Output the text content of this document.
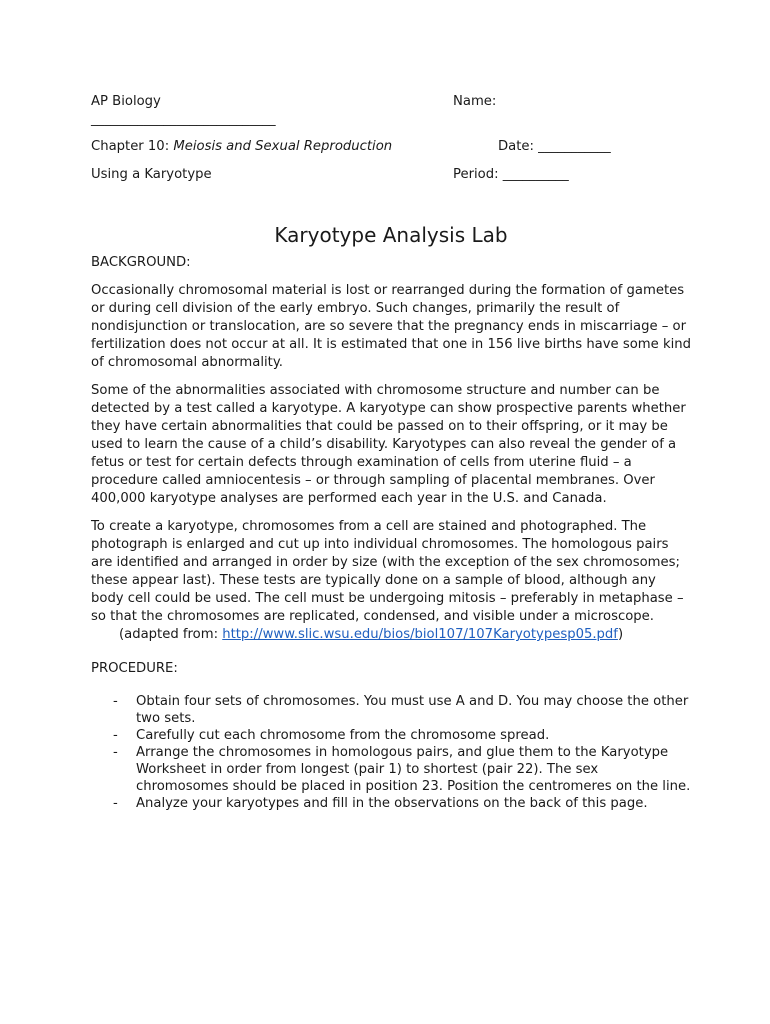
AP Biology	Name:
____________________________
Chapter 10: Meiosis and Sexual Reproduction	Date: ___________
Using a Karyotype	Period: __________
Karyotype Analysis Lab

BACKGROUND:

Occasionally chromosomal material is lost or rearranged during the formation of gametes or during cell division of the early embryo. Such changes, primarily the result of nondisjunction or translocation, are so severe that the pregnancy ends in miscarriage – or fertilization does not occur at all. It is estimated that one in 156 live births have some kind of chromosomal abnormality.

Some of the abnormalities associated with chromosome structure and number can be detected by a test called a karyotype. A karyotype can show prospective parents whether they have certain abnormalities that could be passed on to their offspring, or it may be used to learn the cause of a child’s disability. Karyotypes can also reveal the gender of a fetus or test for certain defects through examination of cells from uterine fluid – a procedure called amniocentesis – or through sampling of placental membranes. Over 400,000 karyotype analyses are performed each year in the U.S. and Canada.

To create a karyotype, chromosomes from a cell are stained and photographed. The photograph is enlarged and cut up into individual chromosomes. The homologous pairs are identified and arranged in order by size (with the exception of the sex chromosomes; these appear last). These tests are typically done on a sample of blood, although any body cell could be used. The cell must be undergoing mitosis – preferably in metaphase – so that the chromosomes are replicated, condensed, and visible under a microscope.

(adapted from: http://www.slic.wsu.edu/bios/biol107/107Karyotypesp05.pdf)

PROCEDURE:

- Obtain four sets of chromosomes. You must use A and D. You may choose the other two sets.
- Carefully cut each chromosome from the chromosome spread.
- Arrange the chromosomes in homologous pairs, and glue them to the Karyotype Worksheet in order from longest (pair 1) to shortest (pair 22). The sex chromosomes should be placed in position 23. Position the centromeres on the line.
- Analyze your karyotypes and fill in the observations on the back of this page.
